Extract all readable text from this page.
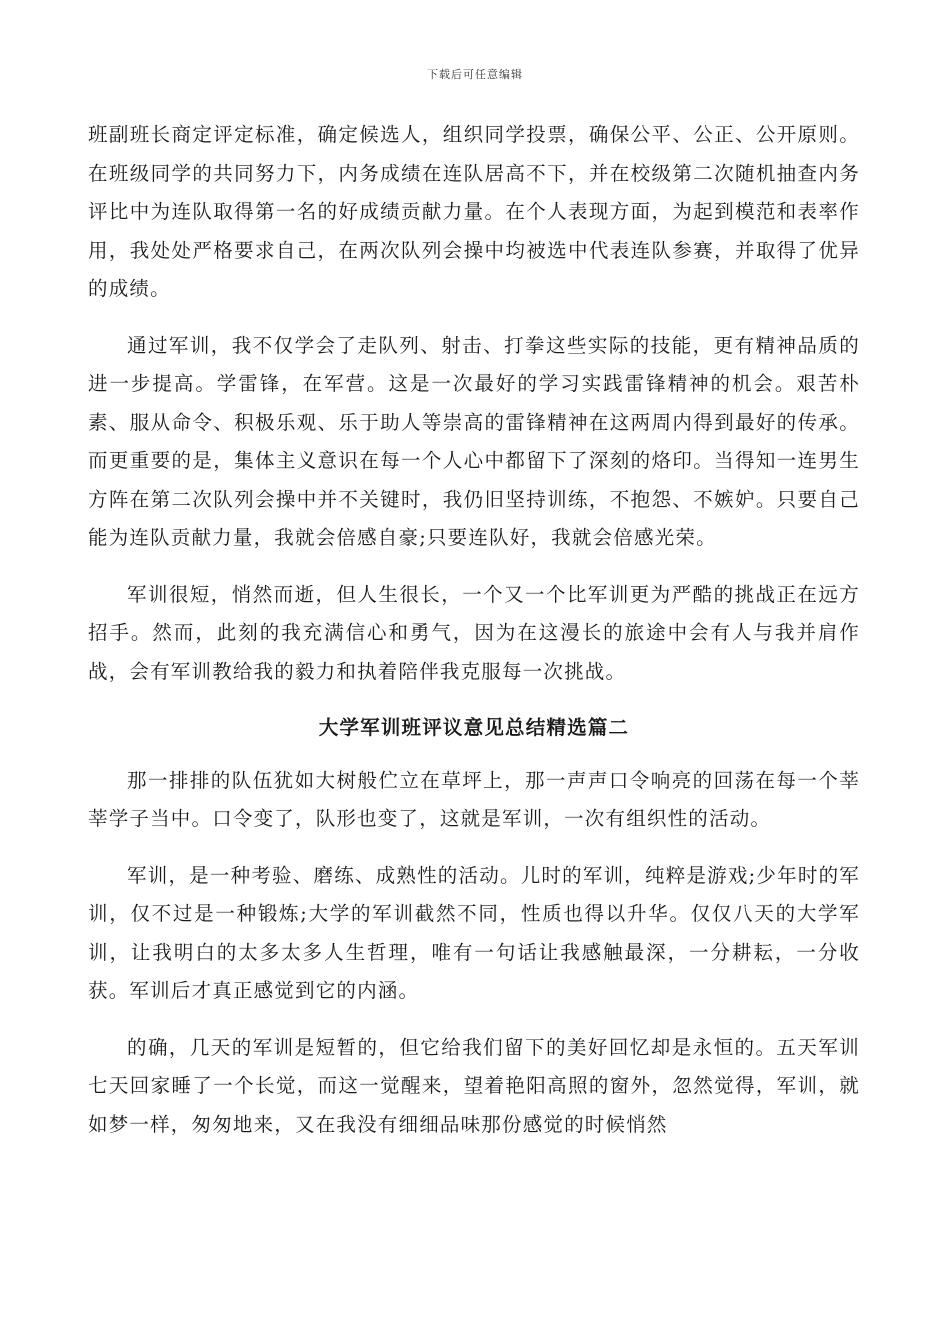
下载后可任意编辑

班副班长商定评定标准，确定候选人，组织同学投票，确保公平、公正、公开原则。在班级同学的共同努力下，内务成绩在连队居高不下，并在校级第二次随机抽查内务评比中为连队取得第一名的好成绩贡献力量。在个人表现方面，为起到模范和表率作用，我处处严格要求自己，在两次队列会操中均被选中代表连队参赛，并取得了优异的成绩。

通过军训，我不仅学会了走队列、射击、打拳这些实际的技能，更有精神品质的进一步提高。学雷锋，在军营。这是一次最好的学习实践雷锋精神的机会。艰苦朴素、服从命令、积极乐观、乐于助人等崇高的雷锋精神在这两周内得到最好的传承。而更重要的是，集体主义意识在每一个人心中都留下了深刻的烙印。当得知一连男生方阵在第二次队列会操中并不关键时，我仍旧坚持训练，不抱怨、不嫉妒。只要自己能为连队贡献力量，我就会倍感自豪;只要连队好，我就会倍感光荣。

军训很短，悄然而逝，但人生很长，一个又一个比军训更为严酷的挑战正在远方招手。然而，此刻的我充满信心和勇气，因为在这漫长的旅途中会有人与我并肩作战，会有军训教给我的毅力和执着陪伴我克服每一次挑战。

大学军训班评议意见总结精选篇二

那一排排的队伍犹如大树般伫立在草坪上，那一声声口令响亮的回荡在每一个莘莘学子当中。口令变了，队形也变了，这就是军训，一次有组织性的活动。

军训，是一种考验、磨练、成熟性的活动。儿时的军训，纯粹是游戏;少年时的军训，仅不过是一种锻炼;大学的军训截然不同，性质也得以升华。仅仅八天的大学军训，让我明白的太多太多人生哲理，唯有一句话让我感触最深，一分耕耘，一分收获。军训后才真正感觉到它的内涵。

的确，几天的军训是短暂的，但它给我们留下的美好回忆却是永恒的。五天军训七天回家睡了一个长觉，而这一觉醒来，望着艳阳高照的窗外，忽然觉得，军训，就如梦一样，匆匆地来，又在我没有细细品味那份感觉的时候悄然
